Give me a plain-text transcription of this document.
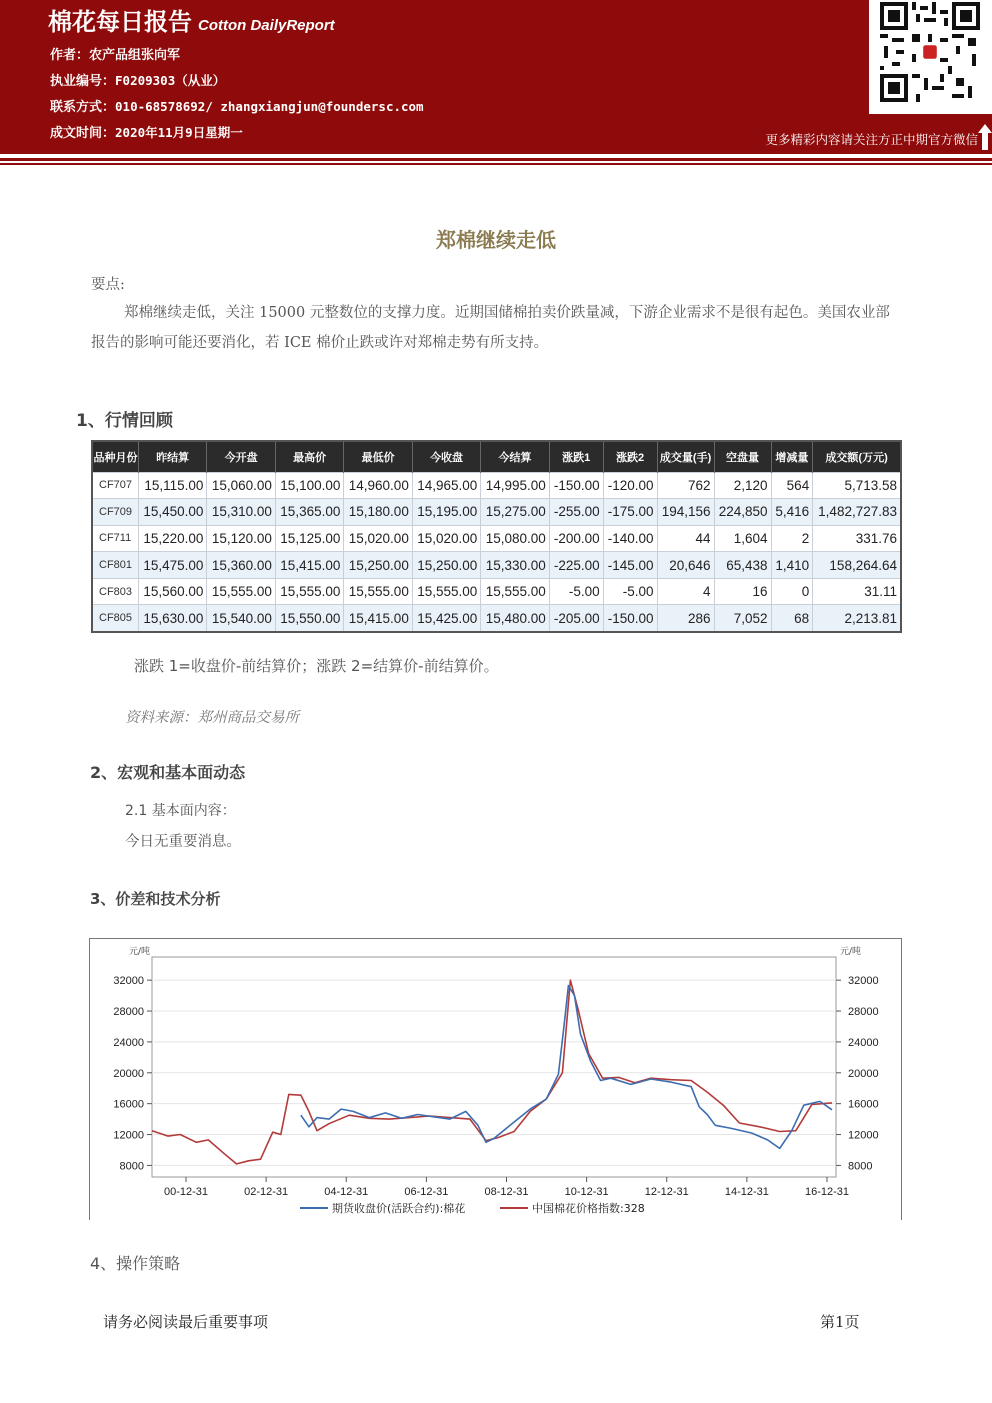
棉花每日报告 Cotton DailyReport
作者：农产品组张向军
执业编号：F0209303（从业）
联系方式：010-68578692/ zhangxiangjun@foundersc.com
成文时间：2020年11月9日星期一	更多精彩内容请关注方正中期官方微信
郑棉继续走低
要点:
郑棉继续走低，关注 15000 元整数位的支撑力度。近期国储棉拍卖价跌量减，下游企业需求不是很有起色。美国农业部报告的影响可能还要消化，若 ICE 棉价止跌或许对郑棉走势有所支持。
1、行情回顾
品种月份	昨结算	今开盘	最高价	最低价	今收盘	今结算	涨跌1	涨跌2	成交量(手)	空盘量	增减量	成交额(万元)
CF707	15,115.00	15,060.00	15,100.00	14,960.00	14,965.00	14,995.00	-150.00	-120.00	762	2,120	564	5,713.58
CF709	15,450.00	15,310.00	15,365.00	15,180.00	15,195.00	15,275.00	-255.00	-175.00	194,156	224,850	5,416	1,482,727.83
CF711	15,220.00	15,120.00	15,125.00	15,020.00	15,020.00	15,080.00	-200.00	-140.00	44	1,604	2	331.76
CF801	15,475.00	15,360.00	15,415.00	15,250.00	15,250.00	15,330.00	-225.00	-145.00	20,646	65,438	1,410	158,264.64
CF803	15,560.00	15,555.00	15,555.00	15,555.00	15,555.00	15,555.00	-5.00	-5.00	4	16	0	31.11
CF805	15,630.00	15,540.00	15,550.00	15,415.00	15,425.00	15,480.00	-205.00	-150.00	286	7,052	68	2,213.81
涨跌 1=收盘价-前结算价；涨跌 2=结算价-前结算价。
资料来源：郑州商品交易所
2、宏观和基本面动态
2.1 基本面内容：
今日无重要消息。
3、价差和技术分析
8000	8000
12000	12000
16000	16000
20000	20000
24000	24000
28000	28000
32000	32000
元/吨	元/吨
00-12-31	02-12-31	04-12-31	06-12-31	08-12-31	10-12-31	12-12-31	14-12-31	16-12-31
期货收盘价(活跃合约):棉花	中国棉花价格指数:328
4、操作策略
请务必阅读最后重要事项	第1页
